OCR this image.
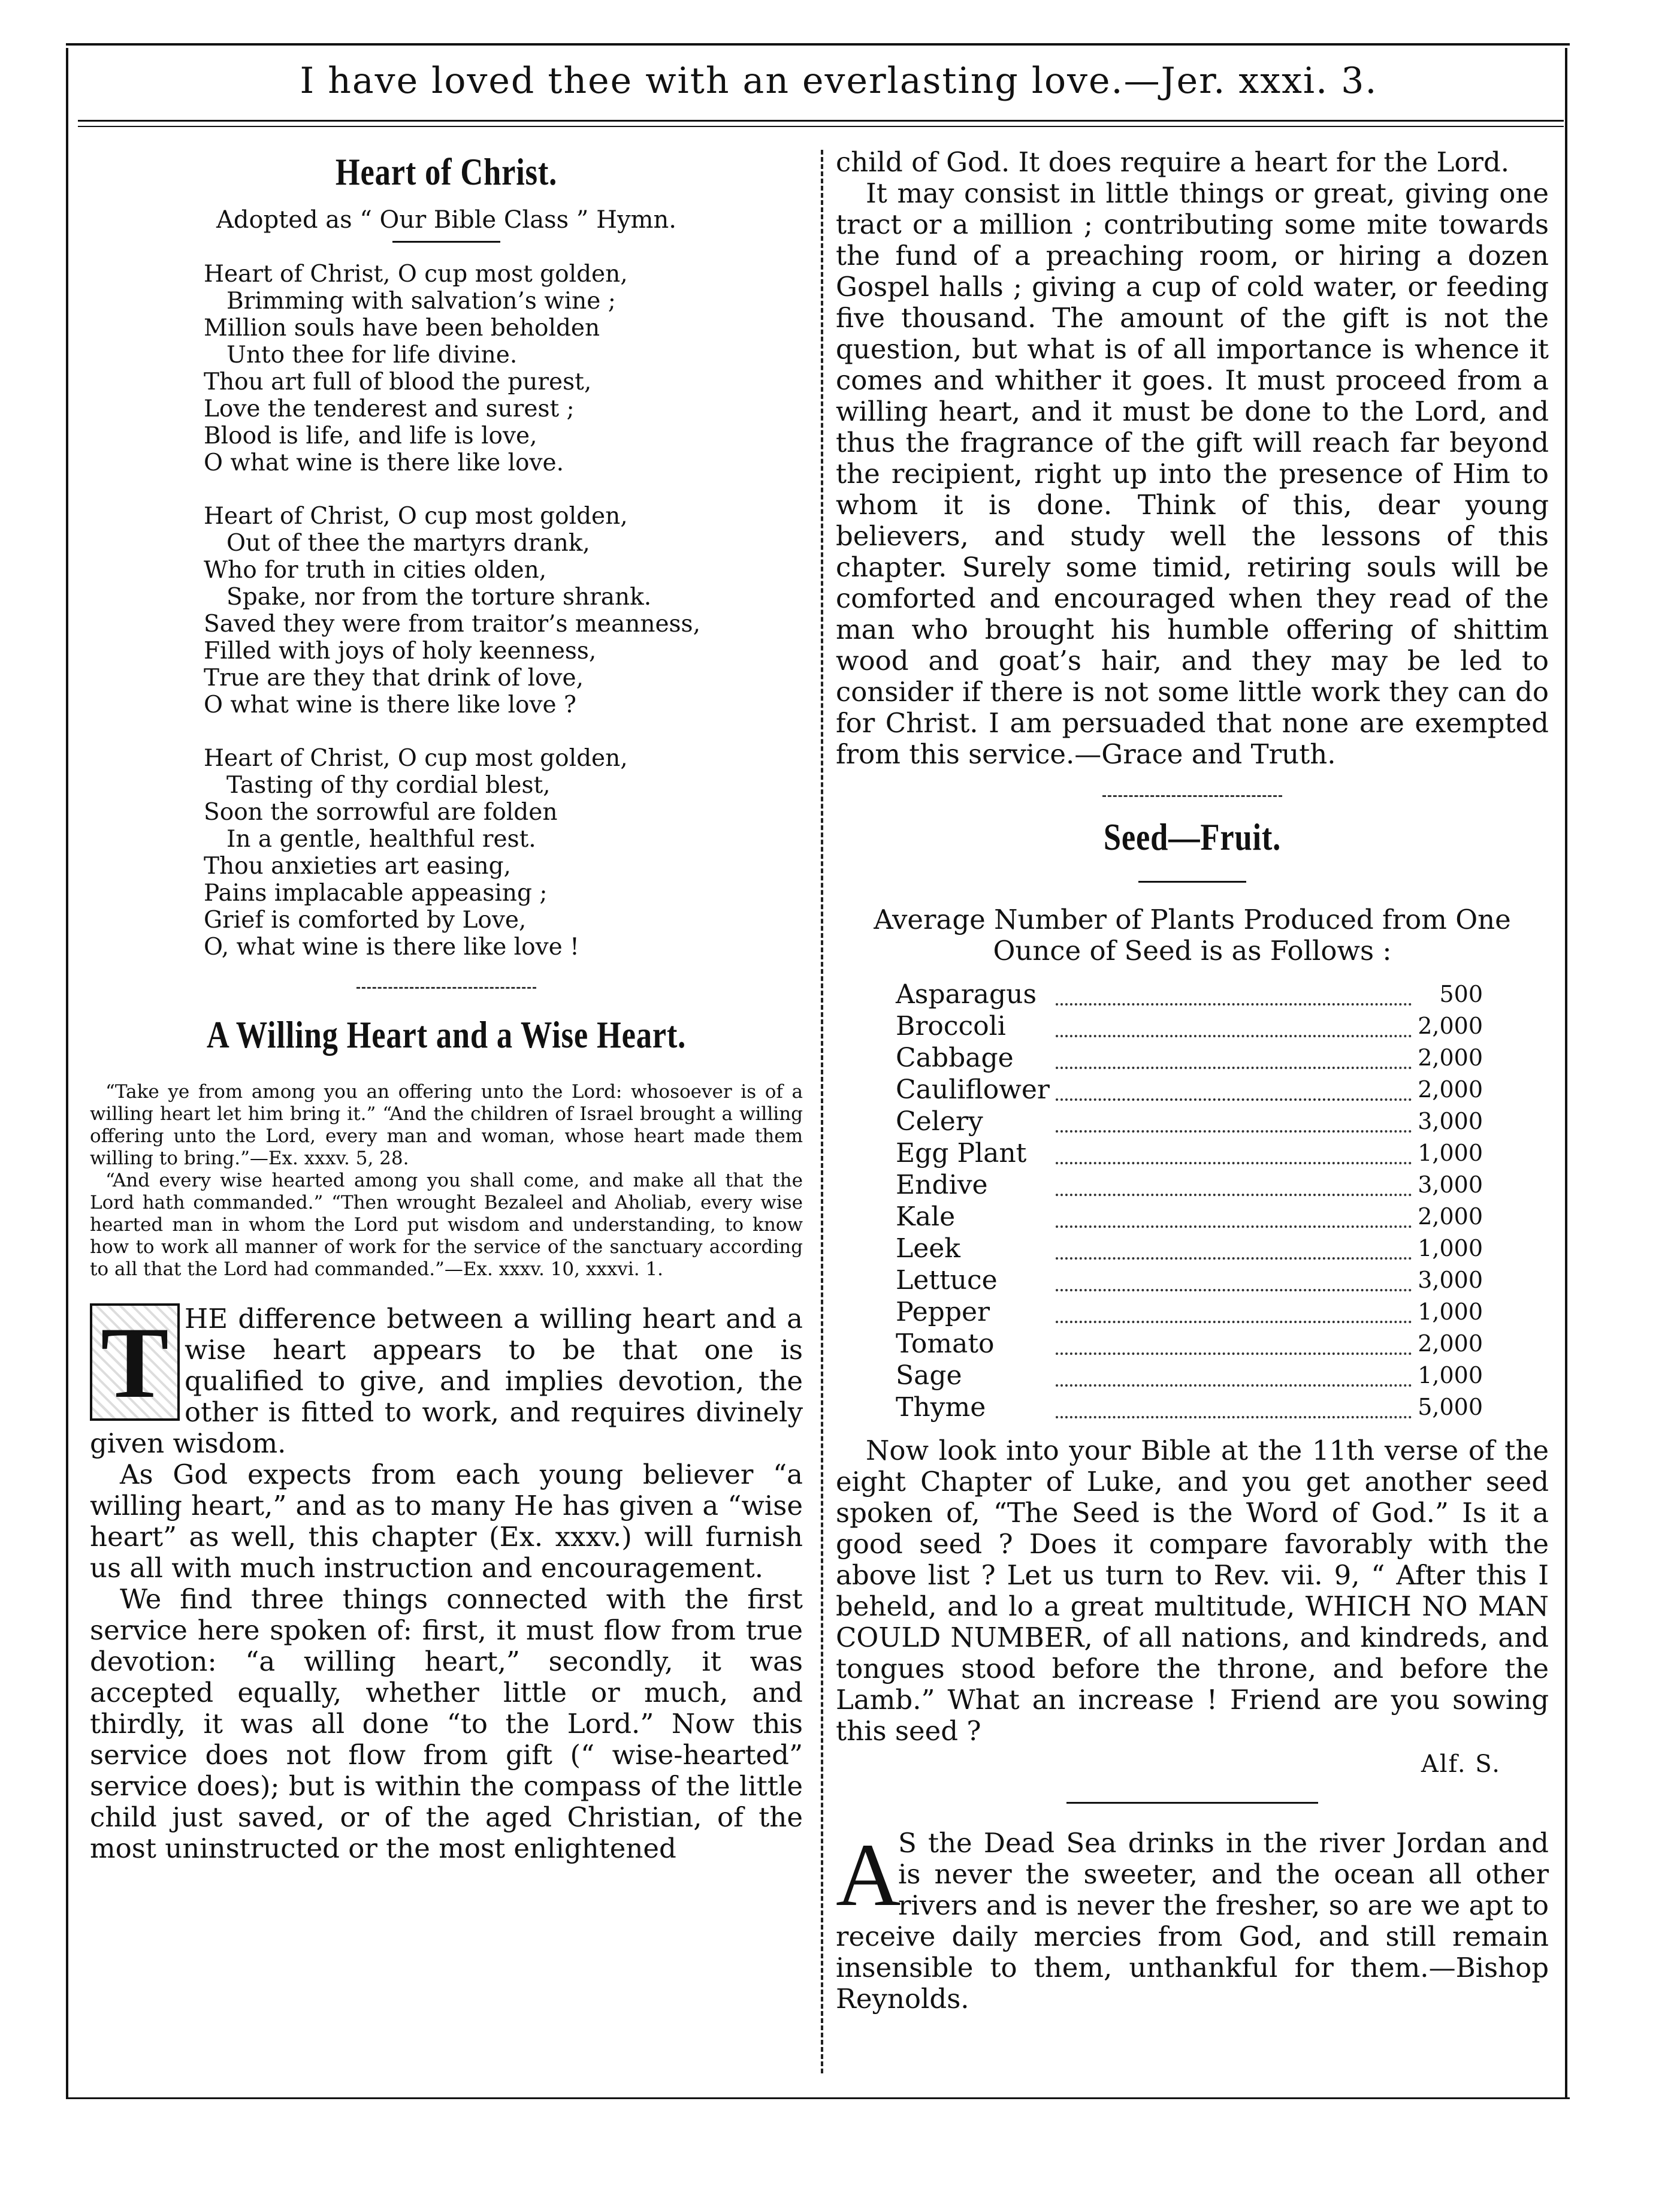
I have loved thee with an everlasting love.—Jer. xxxi. 3.
Heart of Christ.
Adopted as “ Our Bible Class ” Hymn.
Heart of Christ, O cup most golden,
Brimming with salvation’s wine ;
Million souls have been beholden
Unto thee for life divine.
Thou art full of blood the purest,
Love the tenderest and surest ;
Blood is life, and life is love,
O what wine is there like love.
Heart of Christ, O cup most golden,
Out of thee the martyrs drank,
Who for truth in cities olden,
Spake, nor from the torture shrank.
Saved they were from traitor’s meanness,
Filled with joys of holy keenness,
True are they that drink of love,
O what wine is there like love ?
Heart of Christ, O cup most golden,
Tasting of thy cordial blest,
Soon the sorrowful are folden
In a gentle, healthful rest.
Thou anxieties art easing,
Pains implacable appeasing ;
Grief is comforted by Love,
O, what wine is there like love !
A Willing Heart and a Wise Heart.

“Take ye from among you an offering unto the Lord: whosoever is of a willing heart let him bring it.” “And the children of Israel brought a willing offering unto the Lord, every man and woman, whose heart made them willing to bring.”—Ex. xxxv. 5, 28.

“And every wise hearted among you shall come, and make all that the Lord hath commanded.” “Then wrought Bezaleel and Aholiab, every wise hearted man in whom the Lord put wisdom and understanding, to know how to work all manner of work for the service of the sanctuary according to all that the Lord had commanded.”—Ex. xxxv. 10, xxxvi. 1.

T HE difference between a willing heart and a wise heart appears to be that one is qualified to give, and implies devotion, the other is fitted to work, and requires divinely given wisdom.

As God expects from each young believer “a willing heart,” and as to many He has given a “wise heart” as well, this chapter (Ex. xxxv.) will furnish us all with much instruction and encouragement.

We find three things connected with the first service here spoken of: first, it must flow from true devotion: “a willing heart,” secondly, it was accepted equally, whether little or much, and thirdly, it was all done “to the Lord.” Now this service does not flow from gift (“ wise-hearted” service does); but is within the compass of the little child just saved, or of the aged Christian, of the most uninstructed or the most enlightened

child of God. It does require a heart for the Lord.

It may consist in little things or great, giving one tract or a million ; contributing some mite towards the fund of a preaching room, or hiring a dozen Gospel halls ; giving a cup of cold water, or feeding five thousand. The amount of the gift is not the question, but what is of all importance is whence it comes and whither it goes. It must proceed from a willing heart, and it must be done to the Lord, and thus the fragrance of the gift will reach far beyond the recipient, right up into the presence of Him to whom it is done. Think of this, dear young believers, and study well the lessons of this chapter. Surely some timid, retiring souls will be comforted and encouraged when they read of the man who brought his humble offering of shittim wood and goat’s hair, and they may be led to consider if there is not some little work they can do for Christ. I am persuaded that none are exempted from this service.—Grace and Truth.

Seed—Fruit.
Average Number of Plants Produced from One Ounce of Seed is as Follows :
Asparagus		500
Broccoli		2,000
Cabbage		2,000
Cauliflower		2,000
Celery		3,000
Egg Plant		1,000
Endive		3,000
Kale		2,000
Leek		1,000
Lettuce		3,000
Pepper		1,000
Tomato		2,000
Sage		1,000
Thyme		5,000

Now look into your Bible at the 11th verse of the eight Chapter of Luke, and you get another seed spoken of, “The Seed is the Word of God.” Is it a good seed ? Does it compare favorably with the above list ? Let us turn to Rev. vii. 9, “ After this I beheld, and lo a great multitude, WHICH NO MAN COULD NUMBER, of all nations, and kindreds, and tongues stood before the throne, and before the Lamb.” What an increase ! Friend are you sowing this seed ?

Alf. S.
A

S the Dead Sea drinks in the river Jordan and is never the sweeter, and the ocean all other rivers and is never the fresher, so are we apt to receive daily mercies from God, and still remain insensible to them, unthankful for them.—Bishop Reynolds.
